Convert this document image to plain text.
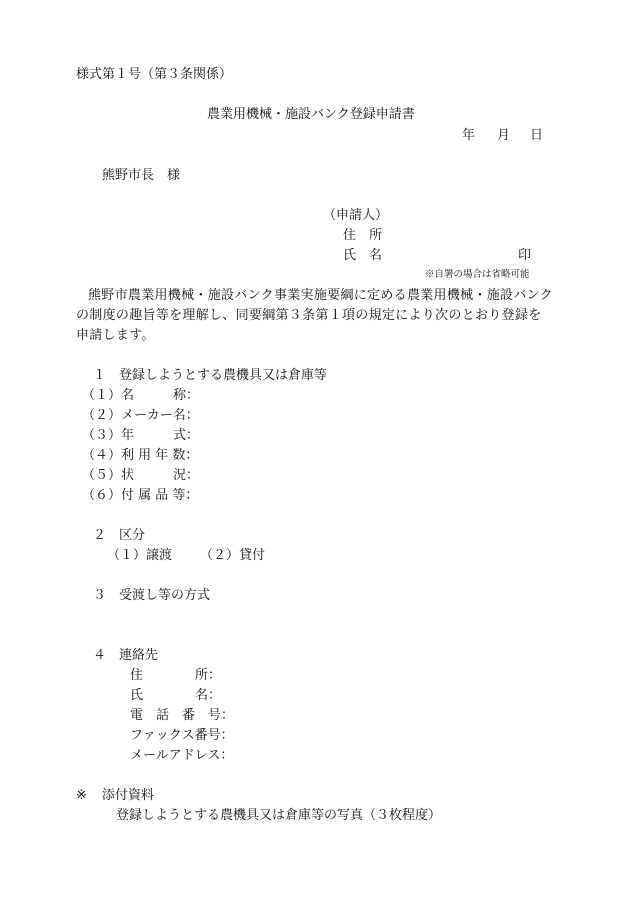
様式第１号（第３条関係）
農業用機械・施設バンク登録申請書
年 月 日
熊野市長　様
（申請人）
住　所
氏　名	印
※自署の場合は省略可能
熊野市農業用機械・施設バンク事業実施要綱に定める農業用機械・施設バンク
の制度の趣旨等を理解し、同要綱第３条第１項の規定により次のとおり登録を
申請します。
１　登録しようとする農機具又は倉庫等
（１）名　　　称：
（２）メーカー名：
（３）年　　　式：
（４）利 用 年 数：
（５）状　　　況：
（６）付 属 品 等：
２　区分
（１）譲渡 （２）貸付
３　受渡し等の方式
４　連絡先
住　　　　所：
氏　　　　名：
電　話　番　号：
ファックス番号：
メールアドレス：
※ 添付資料
登録しようとする農機具又は倉庫等の写真（３枚程度）
